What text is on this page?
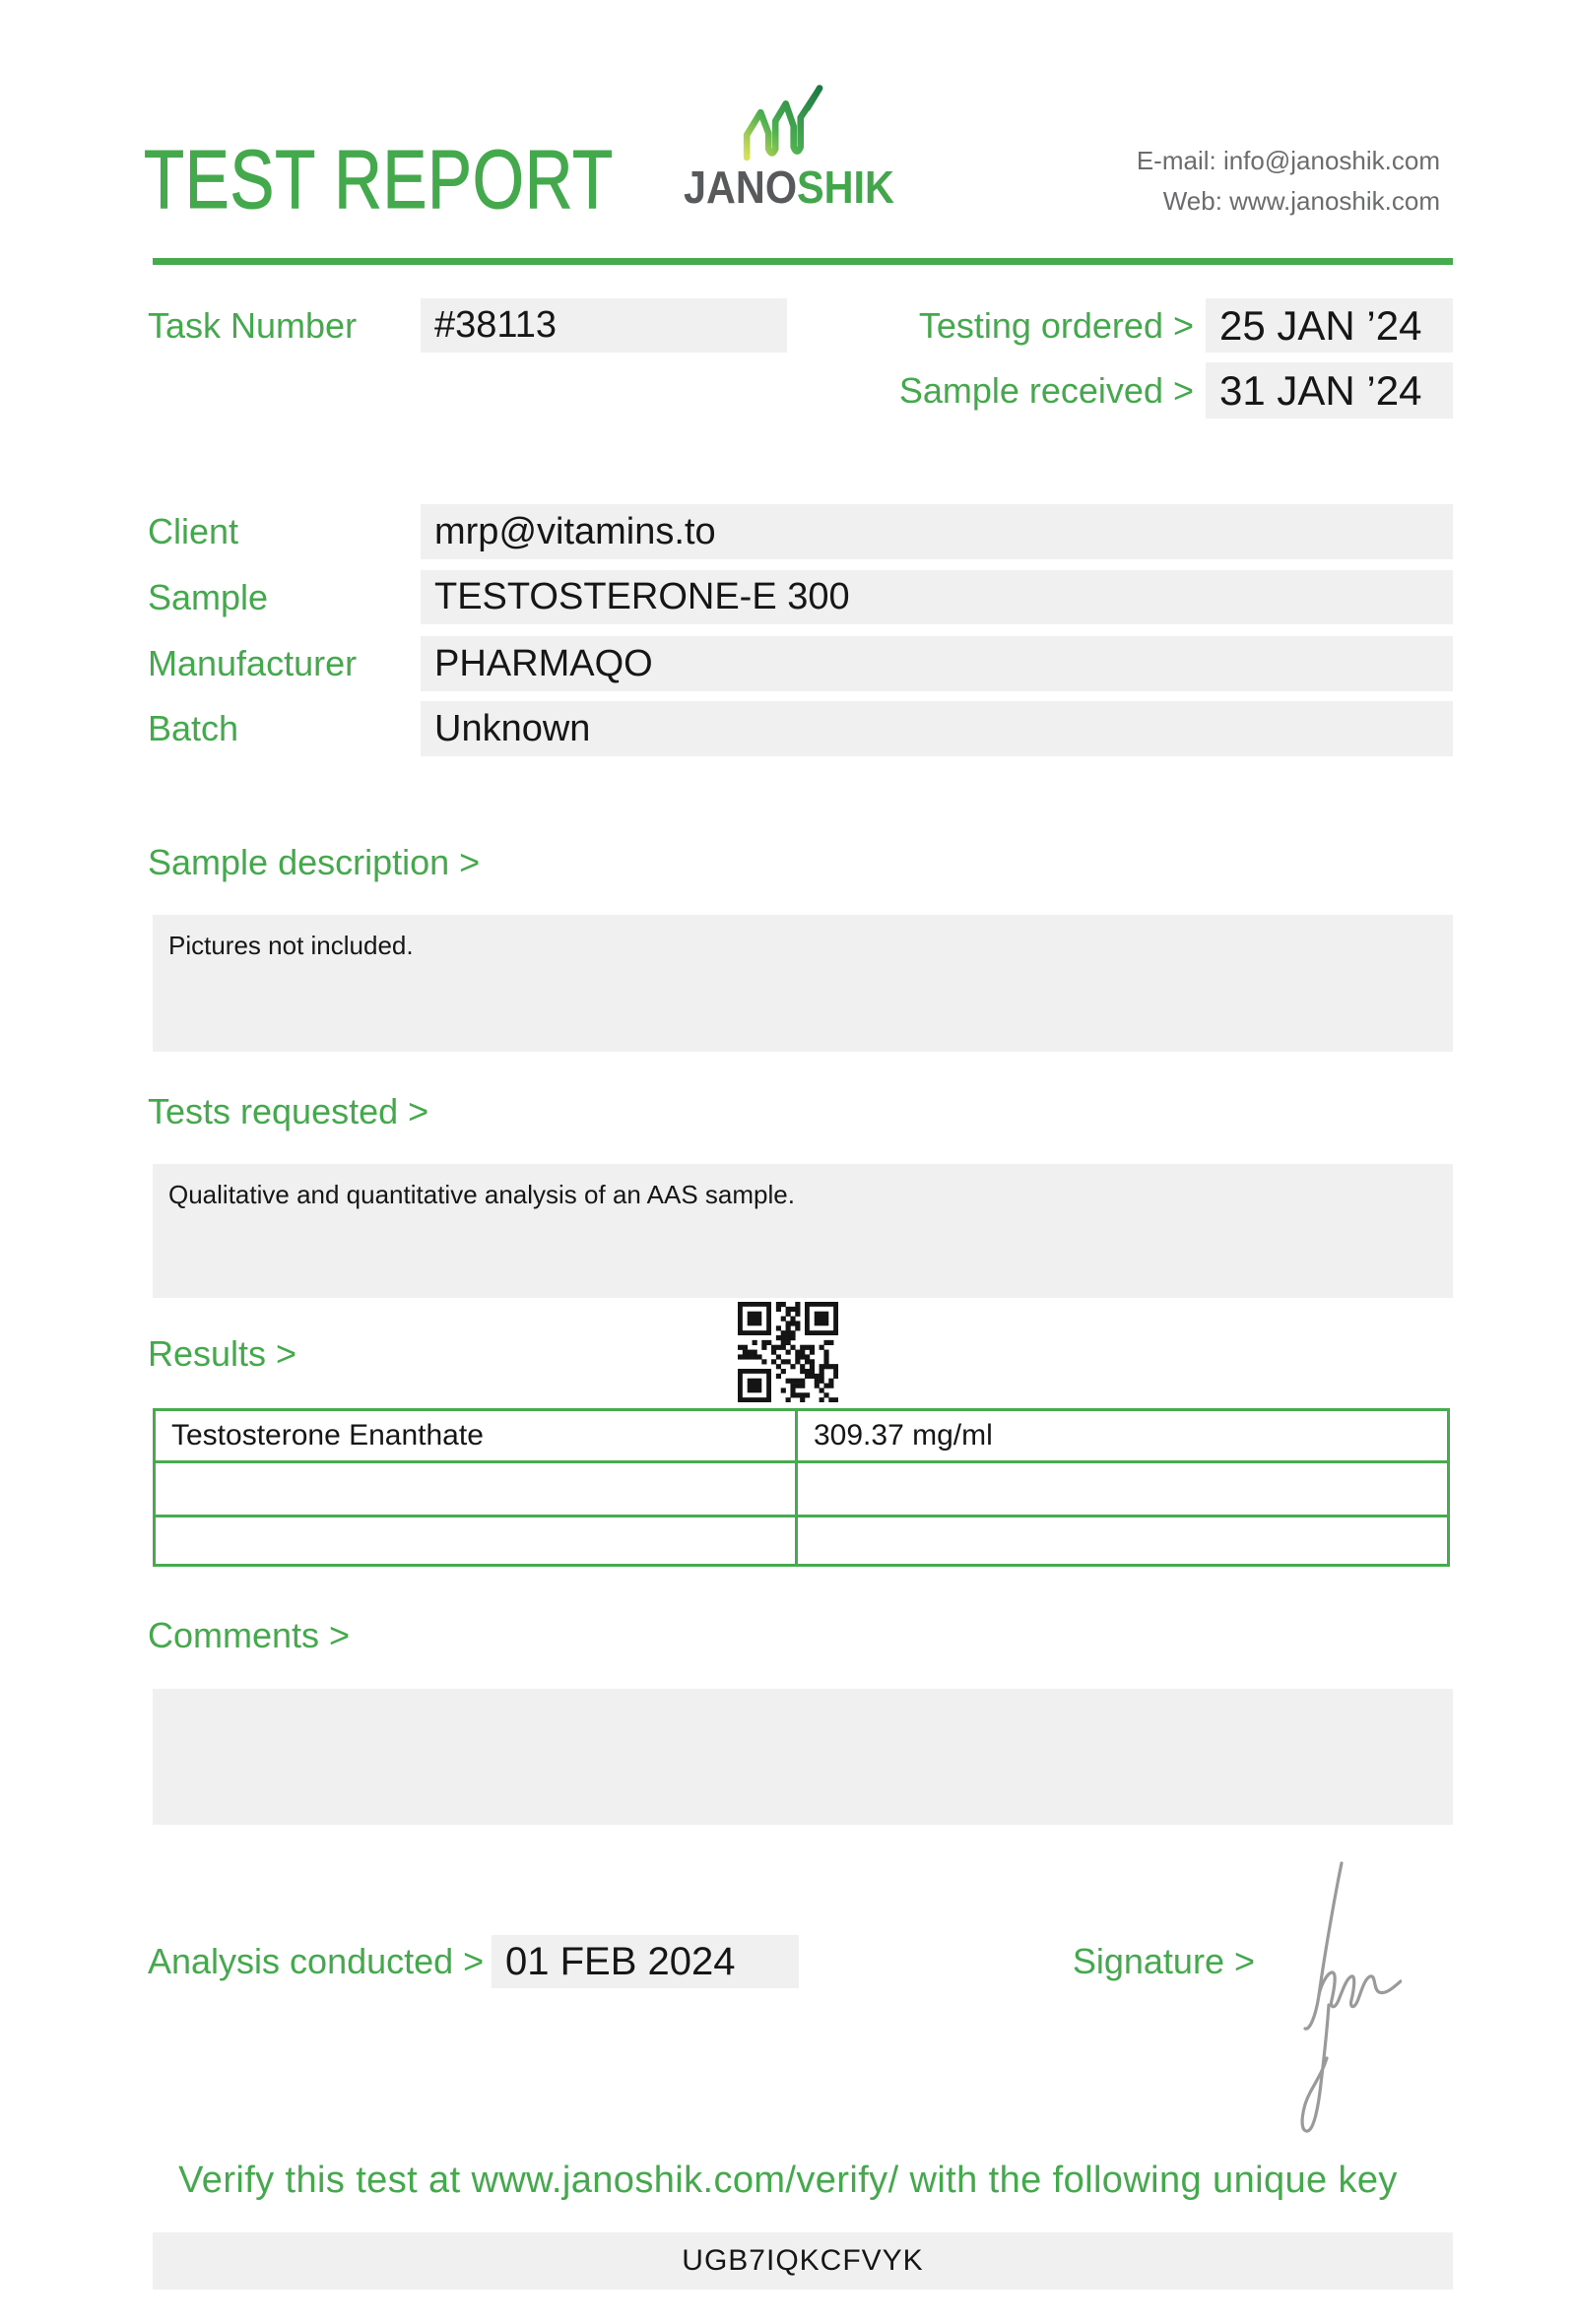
TEST REPORT JANOSHIK
E-mail: info@janoshik.com
Web: www.janoshik.com
Task Number	#38113	Testing ordered > 25 JAN ’24
Sample received > 31 JAN ’24
Client	mrp@vitamins.to
Sample	TESTOSTERONE-E 300
Manufacturer	PHARMAQO
Batch	Unknown
Sample description >
Pictures not included.
Tests requested >
Qualitative and quantitative analysis of an AAS sample.
Results >
Testosterone Enanthate	309.37 mg/ml

Comments >
Analysis conducted > 01 FEB 2024	Signature >
Verify this test at www.janoshik.com/verify/ with the following unique key
UGB7IQKCFVYK
